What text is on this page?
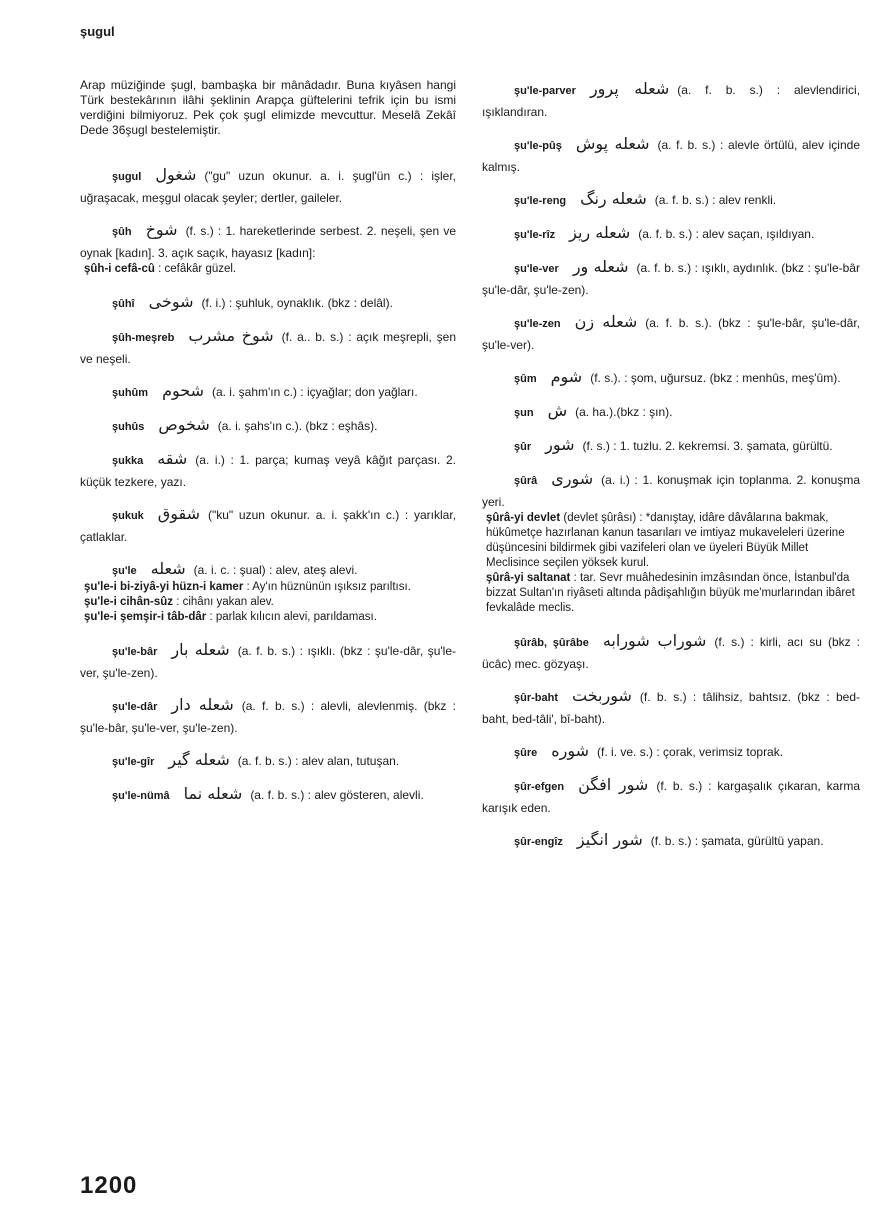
şugul

Arap müziğinde şugl, bambaşka bir mânâdadır. Buna kıyâsen hangi Türk bestekârının ilâhi şeklinin Arapça güftelerini tefrik için bu ismi verdiğini bilmiyoruz. Pek çok şugl elimizde mevcuttur. Meselâ Zekâî Dede 36şugl bestelemiştir.

şugul شغول ("gu" uzun okunur. a. i. şugl'ün c.) : işler, uğraşacak, meşgul olacak şeyler; dertler, gaileler.
şûh شوخ (f. s.) : 1. hareketlerinde serbest. 2. neşeli, şen ve oynak [kadın]. 3. açık saçık, hayasız [kadın]:
şûh-i cefâ-cû : cefâkâr güzel.
şûhî شوخى (f. i.) : şuhluk, oynaklık. (bkz : delâl).
şûh-meşreb شوخ مشرب (f. a.. b. s.) : açık meşrepli, şen ve neşeli.
şuhûm شحوم (a. i. şahm'ın c.) : içyağlar; don yağları.
şuhûs شخوص (a. i. şahs'ın c.). (bkz : eşhâs).
şukka شقه (a. i.) : 1. parça; kumaş veyâ kâğıt parçası. 2. küçük tezkere, yazı.
şukuk شقوق ("ku" uzun okunur. a. i. şakk'ın c.) : yarıklar, çatlaklar.
şu'le شعله (a. i. c. : şual) : alev, ateş alevi.
şu'le-i bi-ziyâ-yi hüzn-i kamer : Ay'ın hüznünün ışıksız parıltısı.
şu'le-i cihân-sûz : cihânı yakan alev.
şu'le-i şemşir-i tâb-dâr : parlak kılıcın alevi, parıldaması.
şu'le-bâr شعله بار (a. f. b. s.) : ışıklı. (bkz : şu'le-dâr, şu'le-ver, şu'le-zen).
şu'le-dâr شعله دار (a. f. b. s.) : alevli, alevlenmiş. (bkz : şu'le-bâr, şu'le-ver, şu'le-zen).
şu'le-gîr شعله گیر (a. f. b. s.) : alev alan, tutuşan.
şu'le-nümâ شعله نما (a. f. b. s.) : alev gösteren, alevli.
şu'le-parver شعله پرور (a. f. b. s.) : alevlendirici, ışıklandıran.
şu'le-pûş شعله پوش (a. f. b. s.) : alevle örtülü, alev içinde kalmış.
şu'le-reng شعله رنگ (a. f. b. s.) : alev renkli.
şu'le-rîz شعله ریز (a. f. b. s.) : alev saçan, ışıldıyan.
şu'le-ver شعله ور (a. f. b. s.) : ışıklı, aydınlık. (bkz : şu'le-bâr şu'le-dâr, şu'le-zen).
şu'le-zen شعله زن (a. f. b. s.). (bkz : şu'le-bâr, şu'le-dâr, şu'le-ver).
şûm شوم (f. s.). : şom, uğursuz. (bkz : menhûs, meş'ûm).
şun ش (a. ha.).(bkz : şın).
şûr شور (f. s.) : 1. tuzlu. 2. kekremsi. 3. şamata, gürültü.
şûrâ شورى (a. i.) : 1. konuşmak için toplanma. 2. konuşma yeri.
şûrâ-yi devlet (devlet şûrâsı) : *danıştay, idâre dâvâlarına bakmak, hükûmetçe hazırlanan kanun tasarıları ve imtiyaz mukaveleleri üzerine düşüncesini bildirmek gibi vazifeleri olan ve üyeleri Büyük Millet Meclisince seçilen yöksek kurul.
şûrâ-yi saltanat : tar. Sevr muâhedesinin imzâsından önce, İstanbul'da bizzat Sultan'ın riyâseti altında pâdişahlığın büyük me'murlarından ibâret fevkalâde meclis.
şûrâb, şûrâbe شوراب شورابه (f. s.) : kirli, acı su (bkz : ücâc) mec. gözyaşı.
şûr-baht شوربخت (f. b. s.) : tâlihsiz, bahtsız. (bkz : bed-baht, bed-tâli', bî-baht).
şûre شوره (f. i. ve. s.) : çorak, verimsiz toprak.
şûr-efgen شور افگن (f. b. s.) : kargaşalık çıkaran, karma karışık eden.
şûr-engîz شور انگیز (f. b. s.) : şamata, gürültü yapan.
1200
